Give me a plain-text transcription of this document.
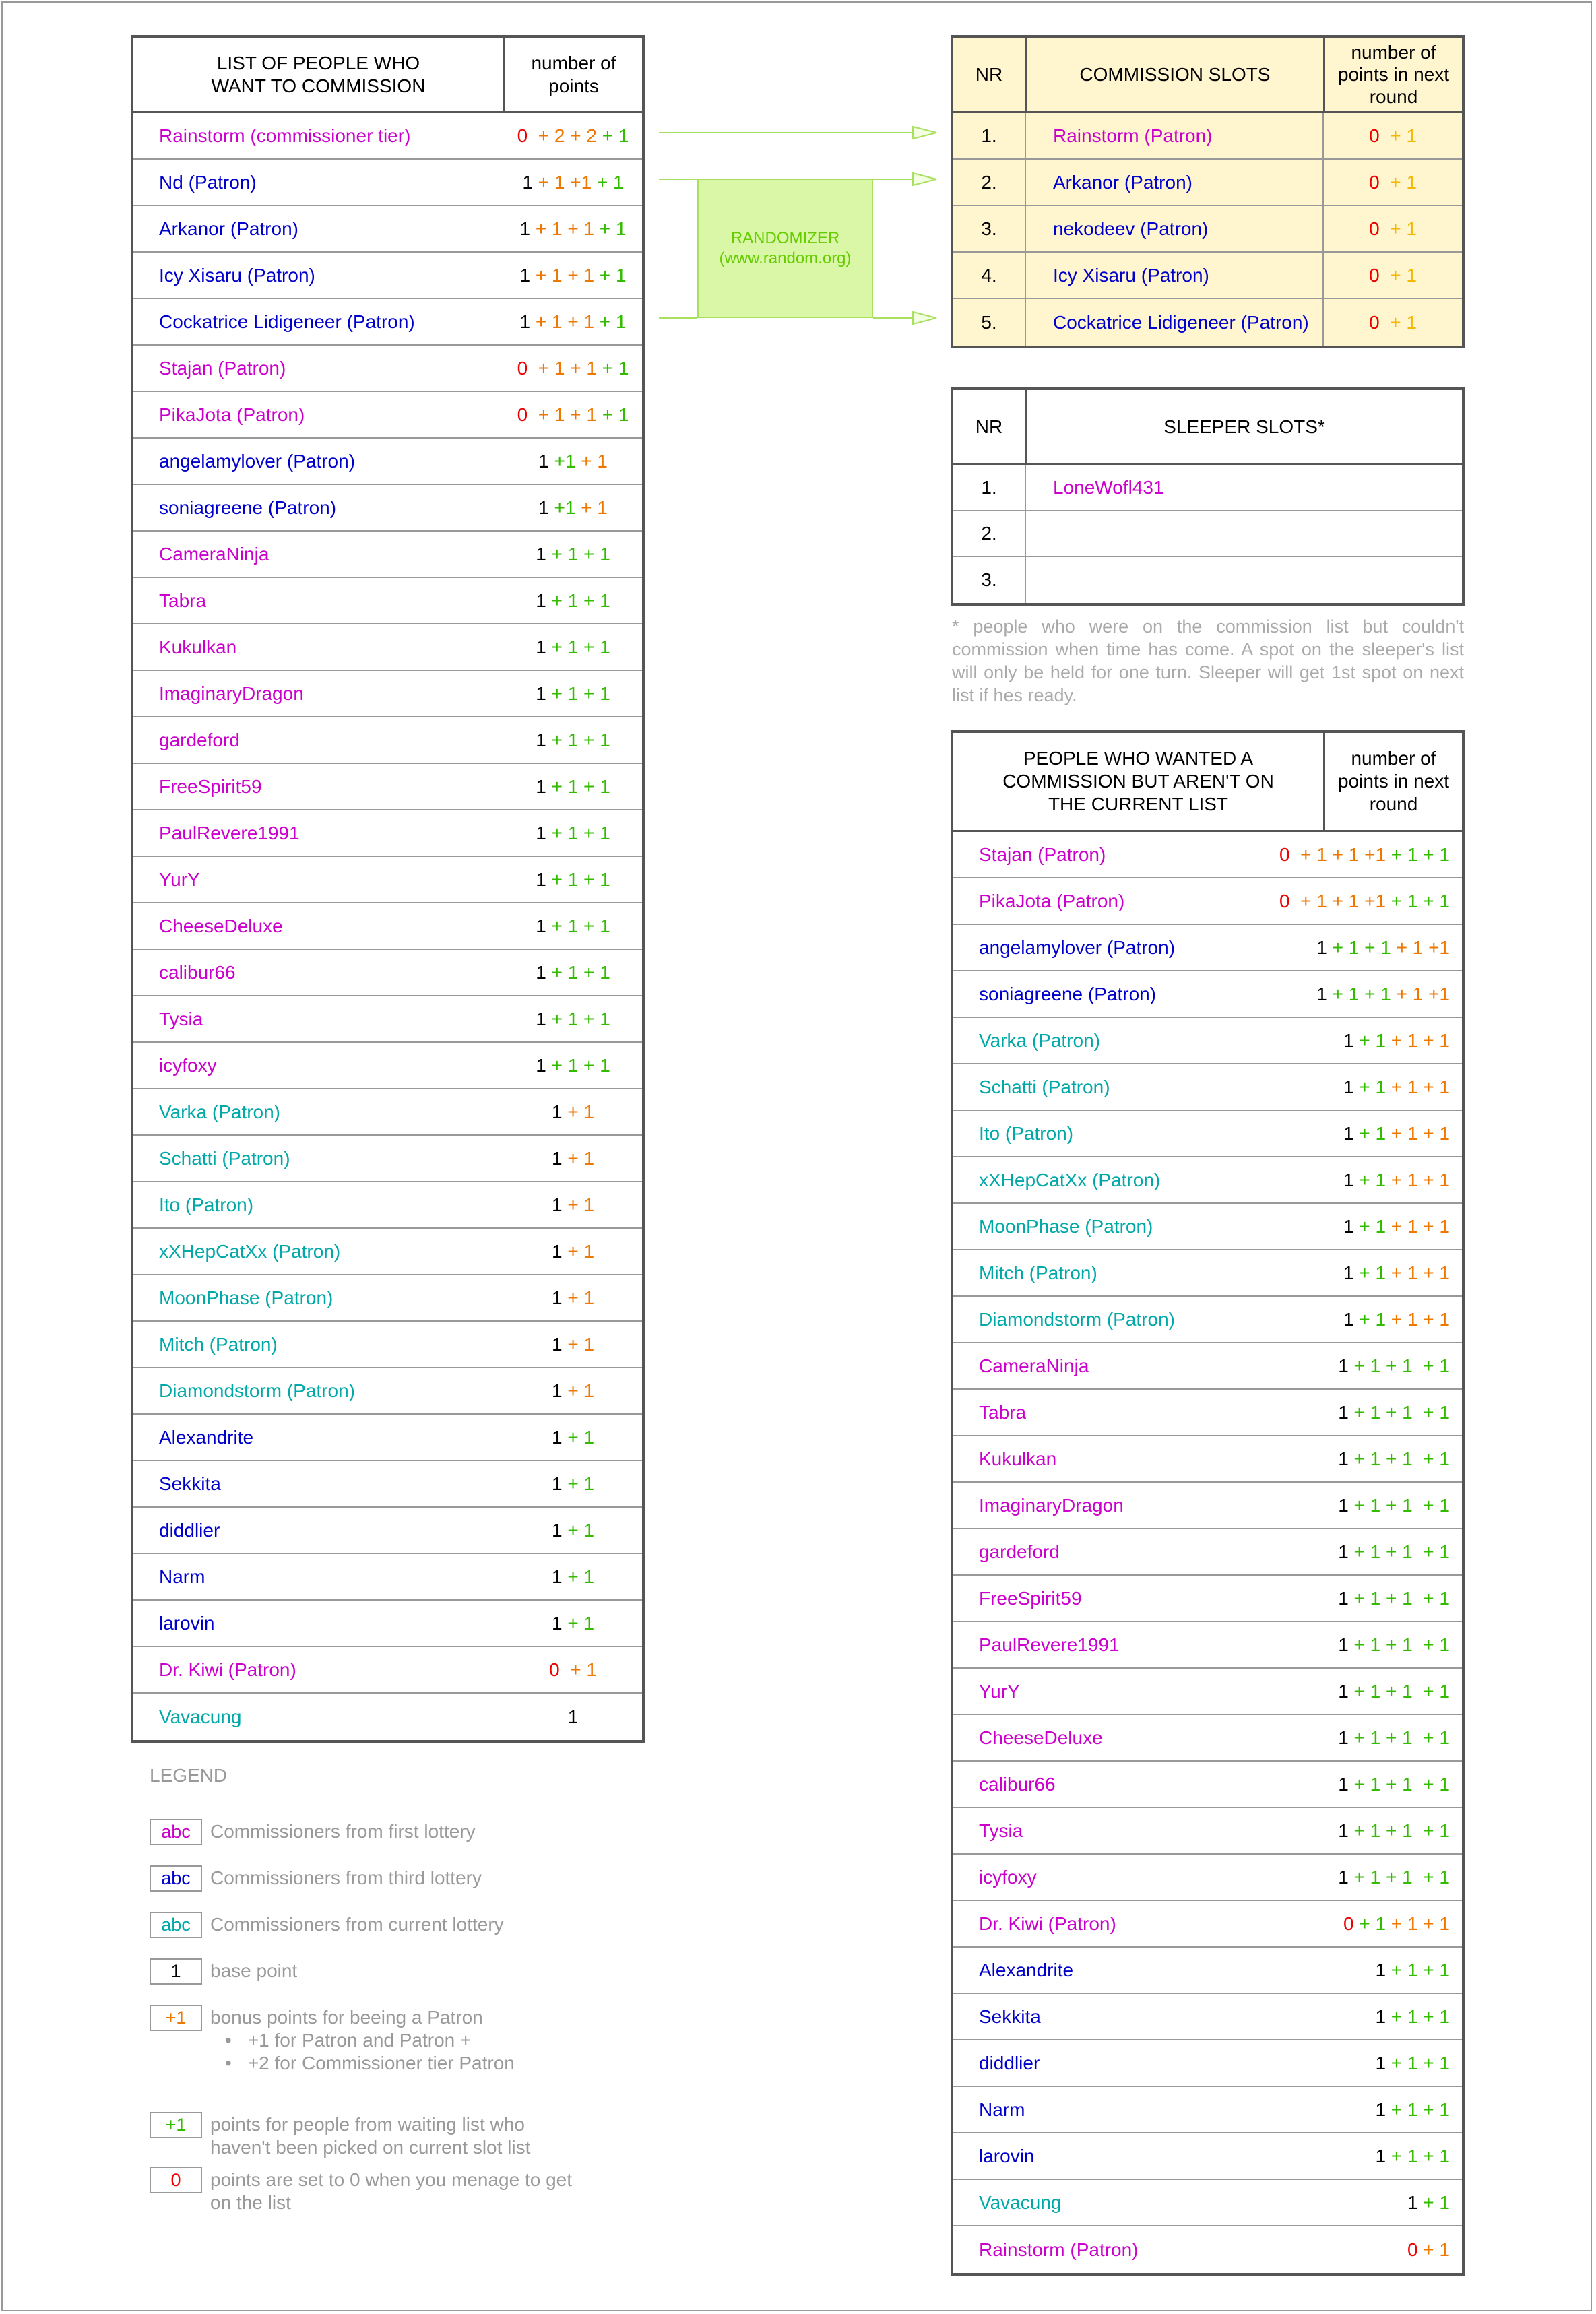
LIST OF PEOPLE WHO
WANT TO COMMISSION
number of
points
Rainstorm (commissioner tier)	0  + 2 + 2 + 1
Nd (Patron)	1 + 1 +1 + 1
Arkanor (Patron)	1 + 1 + 1 + 1
Icy Xisaru (Patron)	1 + 1 + 1 + 1
Cockatrice Lidigeneer (Patron)	1 + 1 + 1 + 1
Stajan (Patron)	0  + 1 + 1 + 1
PikaJota (Patron)	0  + 1 + 1 + 1
angelamylover (Patron)	1 +1 + 1
soniagreene (Patron)	1 +1 + 1
CameraNinja	1 + 1 + 1
Tabra	1 + 1 + 1
Kukulkan	1 + 1 + 1
ImaginaryDragon	1 + 1 + 1
gardeford	1 + 1 + 1
FreeSpirit59	1 + 1 + 1
PaulRevere1991	1 + 1 + 1
YurY	1 + 1 + 1
CheeseDeluxe	1 + 1 + 1
calibur66	1 + 1 + 1
Tysia	1 + 1 + 1
icyfoxy	1 + 1 + 1
Varka (Patron)	1 + 1
Schatti (Patron)	1 + 1
Ito (Patron)	1 + 1
xXHepCatXx (Patron)	1 + 1
MoonPhase (Patron)	1 + 1
Mitch (Patron)	1 + 1
Diamondstorm (Patron)	1 + 1
Alexandrite	1 + 1
Sekkita	1 + 1
diddlier	1 + 1
Narm	1 + 1
larovin	1 + 1
Dr. Kiwi (Patron)	0  + 1
Vavacung	1
RANDOMIZER
(www.random.org)
NR	COMMISSION SLOTS
number of
points in next
round
1.	Rainstorm (Patron)	0  + 1
2.	Arkanor (Patron)	0  + 1
3.	nekodeev (Patron)	0  + 1
4.	Icy Xisaru (Patron)	0  + 1
5.	Cockatrice Lidigeneer (Patron)	0  + 1
NR	SLEEPER SLOTS*
1.	LoneWofl431
2.
3.
* people who were on the commission list but couldn't commission when time has come. A spot on the sleeper's list will only be held for one turn. Sleeper will get 1st spot on next list if hes ready.
PEOPLE WHO WANTED A
COMMISSION BUT AREN'T ON
THE CURRENT LIST
number of
points in next
round
Stajan (Patron)	0  + 1 + 1 +1 + 1 + 1
PikaJota (Patron)	0  + 1 + 1 +1 + 1 + 1
angelamylover (Patron)	1 + 1 + 1 + 1 +1
soniagreene (Patron)	1 + 1 + 1 + 1 +1
Varka (Patron)	1 + 1 + 1 + 1
Schatti (Patron)	1 + 1 + 1 + 1
Ito (Patron)	1 + 1 + 1 + 1
xXHepCatXx (Patron)	1 + 1 + 1 + 1
MoonPhase (Patron)	1 + 1 + 1 + 1
Mitch (Patron)	1 + 1 + 1 + 1
Diamondstorm (Patron)	1 + 1 + 1 + 1
CameraNinja	1 + 1 + 1  + 1
Tabra	1 + 1 + 1  + 1
Kukulkan	1 + 1 + 1  + 1
ImaginaryDragon	1 + 1 + 1  + 1
gardeford	1 + 1 + 1  + 1
FreeSpirit59	1 + 1 + 1  + 1
PaulRevere1991	1 + 1 + 1  + 1
YurY	1 + 1 + 1  + 1
CheeseDeluxe	1 + 1 + 1  + 1
calibur66	1 + 1 + 1  + 1
Tysia	1 + 1 + 1  + 1
icyfoxy	1 + 1 + 1  + 1
Dr. Kiwi (Patron)	0 + 1 + 1 + 1
Alexandrite	1 + 1 + 1
Sekkita	1 + 1 + 1
diddlier	1 + 1 + 1
Narm	1 + 1 + 1
larovin	1 + 1 + 1
Vavacung	1 + 1
Rainstorm (Patron)	0 + 1
LEGEND
abc	Commissioners from first lottery
abc	Commissioners from third lottery
abc	Commissioners from current lottery
1	base point
+1	bonus points for beeing a Patron
• +1 for Patron and Patron +
• +2 for Commissioner tier Patron
+1	points for people from waiting list who
haven't been picked on current slot list
0	points are set to 0 when you menage to get
on the list
